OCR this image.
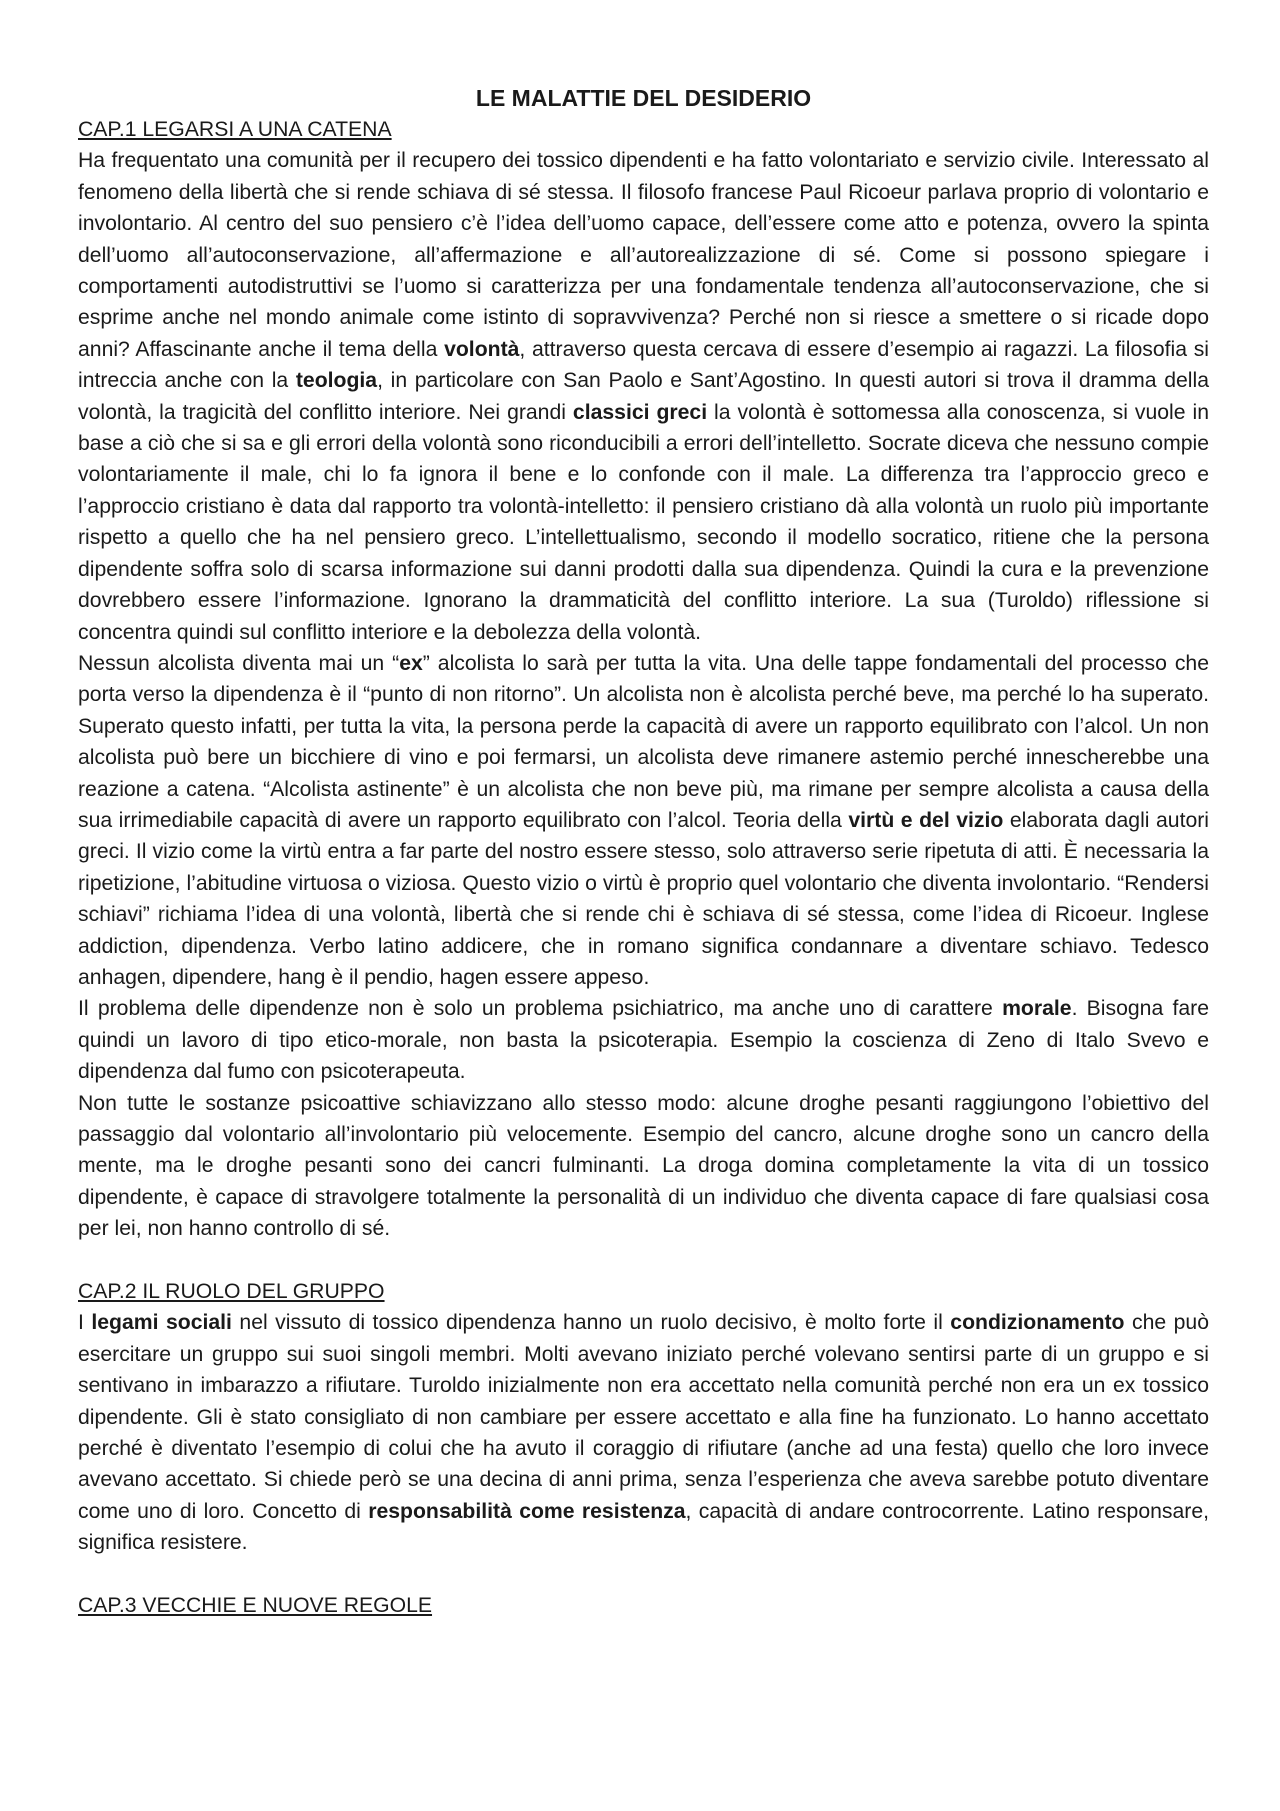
LE MALATTIE DEL DESIDERIO

CAP.1 LEGARSI A UNA CATENA

Ha frequentato una comunità per il recupero dei tossico dipendenti e ha fatto volontariato e servizio civile. Interessato al fenomeno della libertà che si rende schiava di sé stessa. Il filosofo francese Paul Ricoeur parlava proprio di volontario e involontario. Al centro del suo pensiero c’è l’idea dell’uomo capace, dell’essere come atto e potenza, ovvero la spinta dell’uomo all’autoconservazione, all’affermazione e all’autorealizzazione di sé. Come si possono spiegare i comportamenti autodistruttivi se l’uomo si caratterizza per una fondamentale tendenza all’autoconservazione, che si esprime anche nel mondo animale come istinto di sopravvivenza? Perché non si riesce a smettere o si ricade dopo anni? Affascinante anche il tema della volontà, attraverso questa cercava di essere d’esempio ai ragazzi. La filosofia si intreccia anche con la teologia, in particolare con San Paolo e Sant’Agostino. In questi autori si trova il dramma della volontà, la tragicità del conflitto interiore. Nei grandi classici greci la volontà è sottomessa alla conoscenza, si vuole in base a ciò che si sa e gli errori della volontà sono riconducibili a errori dell’intelletto. Socrate diceva che nessuno compie volontariamente il male, chi lo fa ignora il bene e lo confonde con il male. La differenza tra l’approccio greco e l’approccio cristiano è data dal rapporto tra volontà-intelletto: il pensiero cristiano dà alla volontà un ruolo più importante rispetto a quello che ha nel pensiero greco. L’intellettualismo, secondo il modello socratico, ritiene che la persona dipendente soffra solo di scarsa informazione sui danni prodotti dalla sua dipendenza. Quindi la cura e la prevenzione dovrebbero essere l’informazione. Ignorano la drammaticità del conflitto interiore. La sua (Turoldo) riflessione si concentra quindi sul conflitto interiore e la debolezza della volontà.

Nessun alcolista diventa mai un “ex” alcolista lo sarà per tutta la vita. Una delle tappe fondamentali del processo che porta verso la dipendenza è il “punto di non ritorno”. Un alcolista non è alcolista perché beve, ma perché lo ha superato. Superato questo infatti, per tutta la vita, la persona perde la capacità di avere un rapporto equilibrato con l’alcol. Un non alcolista può bere un bicchiere di vino e poi fermarsi, un alcolista deve rimanere astemio perché innescherebbe una reazione a catena. “Alcolista astinente” è un alcolista che non beve più, ma rimane per sempre alcolista a causa della sua irrimediabile capacità di avere un rapporto equilibrato con l’alcol. Teoria della virtù e del vizio elaborata dagli autori greci. Il vizio come la virtù entra a far parte del nostro essere stesso, solo attraverso serie ripetuta di atti. È necessaria la ripetizione, l’abitudine virtuosa o viziosa. Questo vizio o virtù è proprio quel volontario che diventa involontario. “Rendersi schiavi” richiama l’idea di una volontà, libertà che si rende chi è schiava di sé stessa, come l’idea di Ricoeur. Inglese addiction, dipendenza. Verbo latino addicere, che in romano significa condannare a diventare schiavo. Tedesco anhagen, dipendere, hang è il pendio, hagen essere appeso.

Il problema delle dipendenze non è solo un problema psichiatrico, ma anche uno di carattere morale. Bisogna fare quindi un lavoro di tipo etico-morale, non basta la psicoterapia. Esempio la coscienza di Zeno di Italo Svevo e dipendenza dal fumo con psicoterapeuta.

Non tutte le sostanze psicoattive schiavizzano allo stesso modo: alcune droghe pesanti raggiungono l’obiettivo del passaggio dal volontario all’involontario più velocemente. Esempio del cancro, alcune droghe sono un cancro della mente, ma le droghe pesanti sono dei cancri fulminanti. La droga domina completamente la vita di un tossico dipendente, è capace di stravolgere totalmente la personalità di un individuo che diventa capace di fare qualsiasi cosa per lei, non hanno controllo di sé.

CAP.2 IL RUOLO DEL GRUPPO

I legami sociali nel vissuto di tossico dipendenza hanno un ruolo decisivo, è molto forte il condizionamento che può esercitare un gruppo sui suoi singoli membri. Molti avevano iniziato perché volevano sentirsi parte di un gruppo e si sentivano in imbarazzo a rifiutare. Turoldo inizialmente non era accettato nella comunità perché non era un ex tossico dipendente. Gli è stato consigliato di non cambiare per essere accettato e alla fine ha funzionato. Lo hanno accettato perché è diventato l’esempio di colui che ha avuto il coraggio di rifiutare (anche ad una festa) quello che loro invece avevano accettato. Si chiede però se una decina di anni prima, senza l’esperienza che aveva sarebbe potuto diventare come uno di loro. Concetto di responsabilità come resistenza, capacità di andare controcorrente. Latino responsare, significa resistere.

CAP.3 VECCHIE E NUOVE REGOLE
